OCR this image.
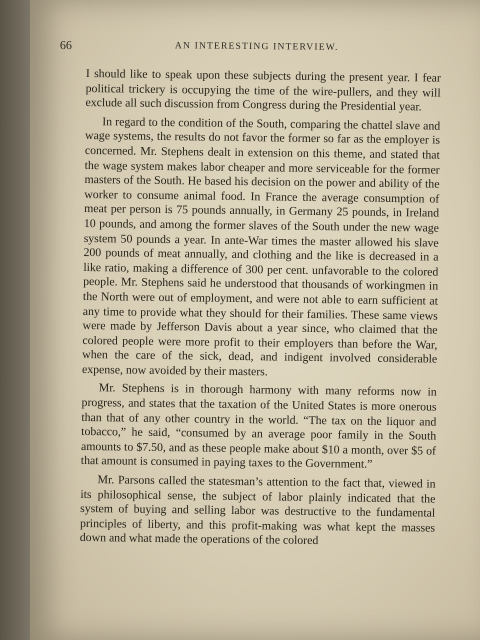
66	AN INTERESTING INTERVIEW.

I should like to speak upon these subjects during the present year. I fear political trickery is occupying the time of the wire-pullers, and they will exclude all such discussion from Congress during the Presidential year.

In regard to the condition of the South, comparing the chattel slave and wage systems, the results do not favor the former so far as the employer is concerned. Mr. Stephens dealt in extension on this theme, and stated that the wage system makes labor cheaper and more serviceable for the former masters of the South. He based his decision on the power and ability of the worker to consume animal food. In France the average consumption of meat per person is 75 pounds annually, in Germany 25 pounds, in Ireland 10 pounds, and among the former slaves of the South under the new wage system 50 pounds a year. In ante-War times the master allowed his slave 200 pounds of meat annually, and clothing and the like is decreased in a like ratio, making a difference of 300 per cent. unfavorable to the colored people. Mr. Stephens said he understood that thousands of workingmen in the North were out of employment, and were not able to earn sufficient at any time to provide what they should for their families. These same views were made by Jefferson Davis about a year since, who claimed that the colored people were more profit to their employers than before the War, when the care of the sick, dead, and indigent involved considerable expense, now avoided by their masters.

Mr. Stephens is in thorough harmony with many reforms now in progress, and states that the taxation of the United States is more onerous than that of any other country in the world. “The tax on the liquor and tobacco,” he said, “consumed by an average poor family in the South amounts to $7.50, and as these people make about $10 a month, over $5 of that amount is consumed in paying taxes to the Government.”

Mr. Parsons called the statesman’s attention to the fact that, viewed in its philosophical sense, the subject of labor plainly indicated that the system of buying and selling labor was destructive to the fundamental principles of liberty, and this profit-making was what kept the masses down and what made the operations of the colored
